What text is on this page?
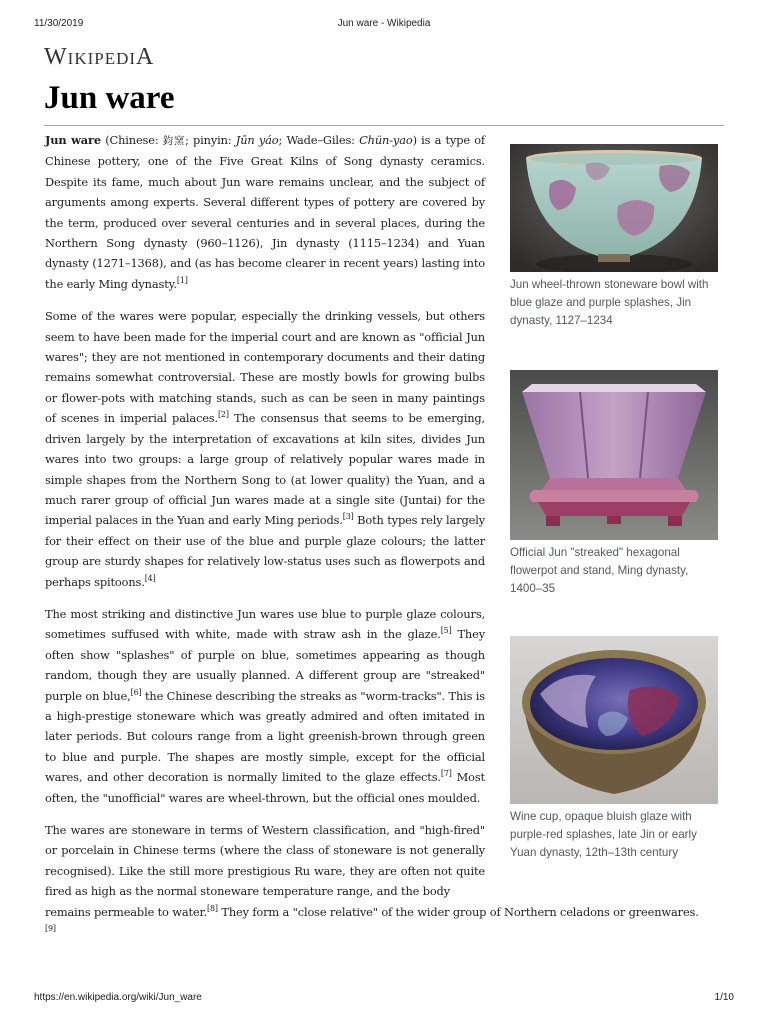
11/30/2019	Jun ware - Wikipedia
WIKIPEDIA
Jun ware

Jun ware (Chinese: 鈞窯; pinyin: Jūn yáo; Wade–Giles: Chün-yao) is a type of Chinese pottery, one of the Five Great Kilns of Song dynasty ceramics. Despite its fame, much about Jun ware remains unclear, and the subject of arguments among experts. Several different types of pottery are covered by the term, produced over several centuries and in several places, during the Northern Song dynasty (960–1126), Jin dynasty (1115–1234) and Yuan dynasty (1271–1368), and (as has become clearer in recent years) lasting into the early Ming dynasty.[1]

Some of the wares were popular, especially the drinking vessels, but others seem to have been made for the imperial court and are known as "official Jun wares"; they are not mentioned in contemporary documents and their dating remains somewhat controversial. These are mostly bowls for growing bulbs or flower-pots with matching stands, such as can be seen in many paintings of scenes in imperial palaces.[2] The consensus that seems to be emerging, driven largely by the interpretation of excavations at kiln sites, divides Jun wares into two groups: a large group of relatively popular wares made in simple shapes from the Northern Song to (at lower quality) the Yuan, and a much rarer group of official Jun wares made at a single site (Juntai) for the imperial palaces in the Yuan and early Ming periods.[3] Both types rely largely for their effect on their use of the blue and purple glaze colours; the latter group are sturdy shapes for relatively low-status uses such as flowerpots and perhaps spitoons.[4]

The most striking and distinctive Jun wares use blue to purple glaze colours, sometimes suffused with white, made with straw ash in the glaze.[5] They often show "splashes" of purple on blue, sometimes appearing as though random, though they are usually planned. A different group are "streaked" purple on blue,[6] the Chinese describing the streaks as "worm-tracks". This is a high-prestige stoneware which was greatly admired and often imitated in later periods. But colours range from a light greenish-brown through green to blue and purple. The shapes are mostly simple, except for the official wares, and other decoration is normally limited to the glaze effects.[7] Most often, the "unofficial" wares are wheel-thrown, but the official ones moulded.

The wares are stoneware in terms of Western classification, and "high-fired" or porcelain in Chinese terms (where the class of stoneware is not generally recognised). Like the still more prestigious Ru ware, they are often not quite fired as high as the normal stoneware temperature range, and the body
remains permeable to water.[8] They form a "close relative" of the wider group of Northern celadons or greenwares.[9]
Jun wheel-thrown stoneware bowl with blue glaze and purple splashes, Jin dynasty, 1127–1234
Official Jun "streaked" hexagonal flowerpot and stand, Ming dynasty, 1400–35
Wine cup, opaque bluish glaze with purple-red splashes, late Jin or early Yuan dynasty, 12th–13th century
https://en.wikipedia.org/wiki/Jun_ware	1/10
